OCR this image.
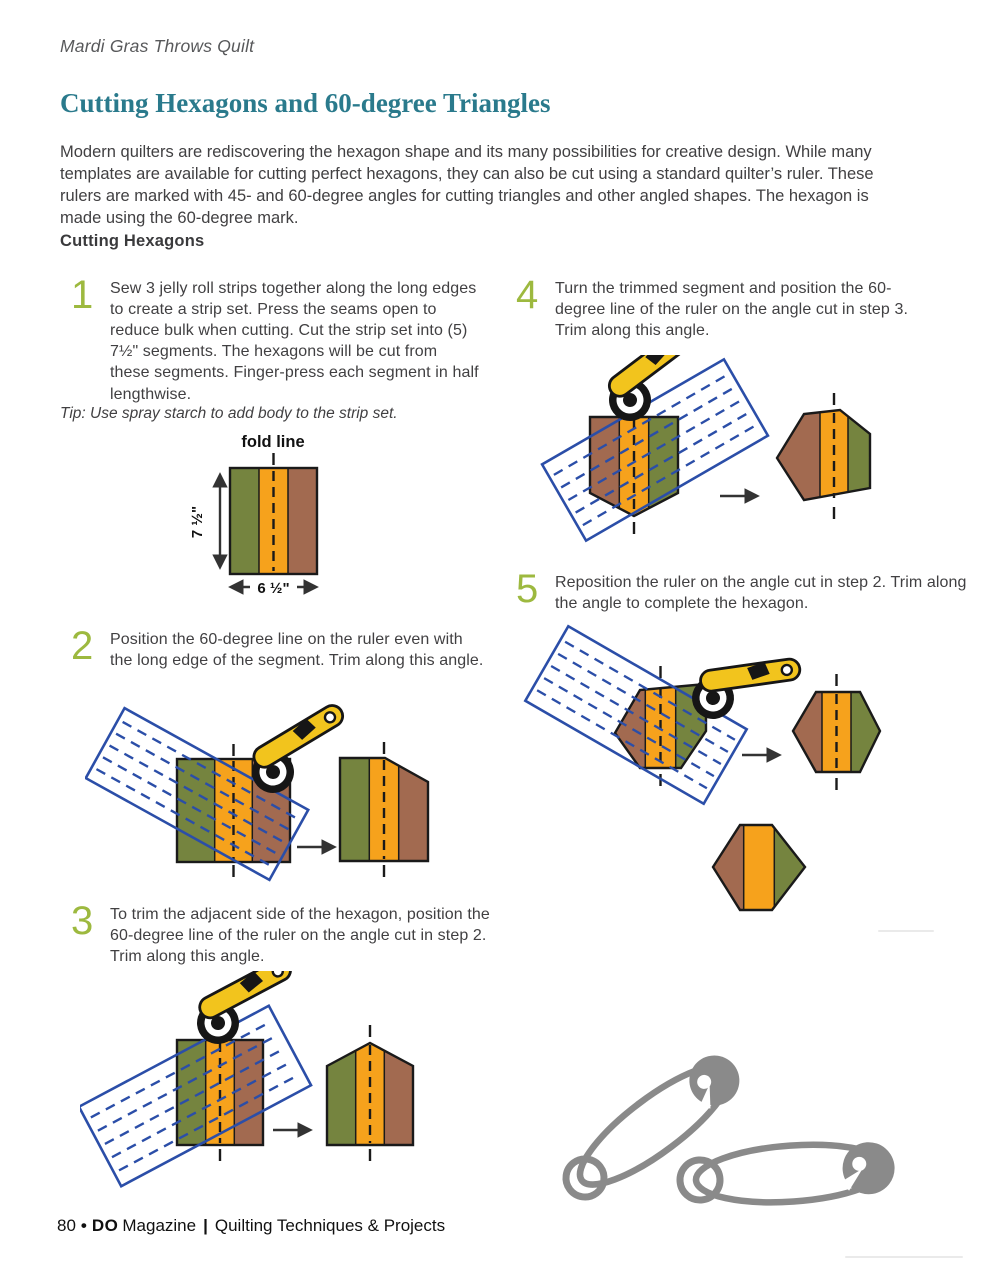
Mardi Gras Throws Quilt
Cutting Hexagons and 60-degree Triangles
Modern quilters are rediscovering the hexagon shape and its many possibilities for creative design. While many templates are available for cutting perfect hexagons, they can also be cut using a standard quilter’s ruler. These rulers are marked with 45- and 60-degree angles for cutting triangles and other angled shapes. The hexagon is made using the 60-degree mark.
Cutting Hexagons
1	Sew 3 jelly roll strips together along the long edges to create a strip set. Press the seams open to reduce bulk when cutting. Cut the strip set into (5) 7½" segments. The hexagons will be cut from these segments. Finger-press each segment in half lengthwise.
Tip: Use spray starch to add body to the strip set.
fold line
7 ½"
6 ½"
2	Position the 60-degree line on the ruler even with the long edge of the segment. Trim along this angle.
3	To trim the adjacent side of the hexagon, position the 60-degree line of the ruler on the angle cut in step 2. Trim along this angle.
4	Turn the trimmed segment and position the 60-degree line of the ruler on the angle cut in step 3. Trim along this angle.
5	Reposition the ruler on the angle cut in step 2. Trim along the angle to complete the hexagon.
80 • DO Magazine | Quilting Techniques & Projects
